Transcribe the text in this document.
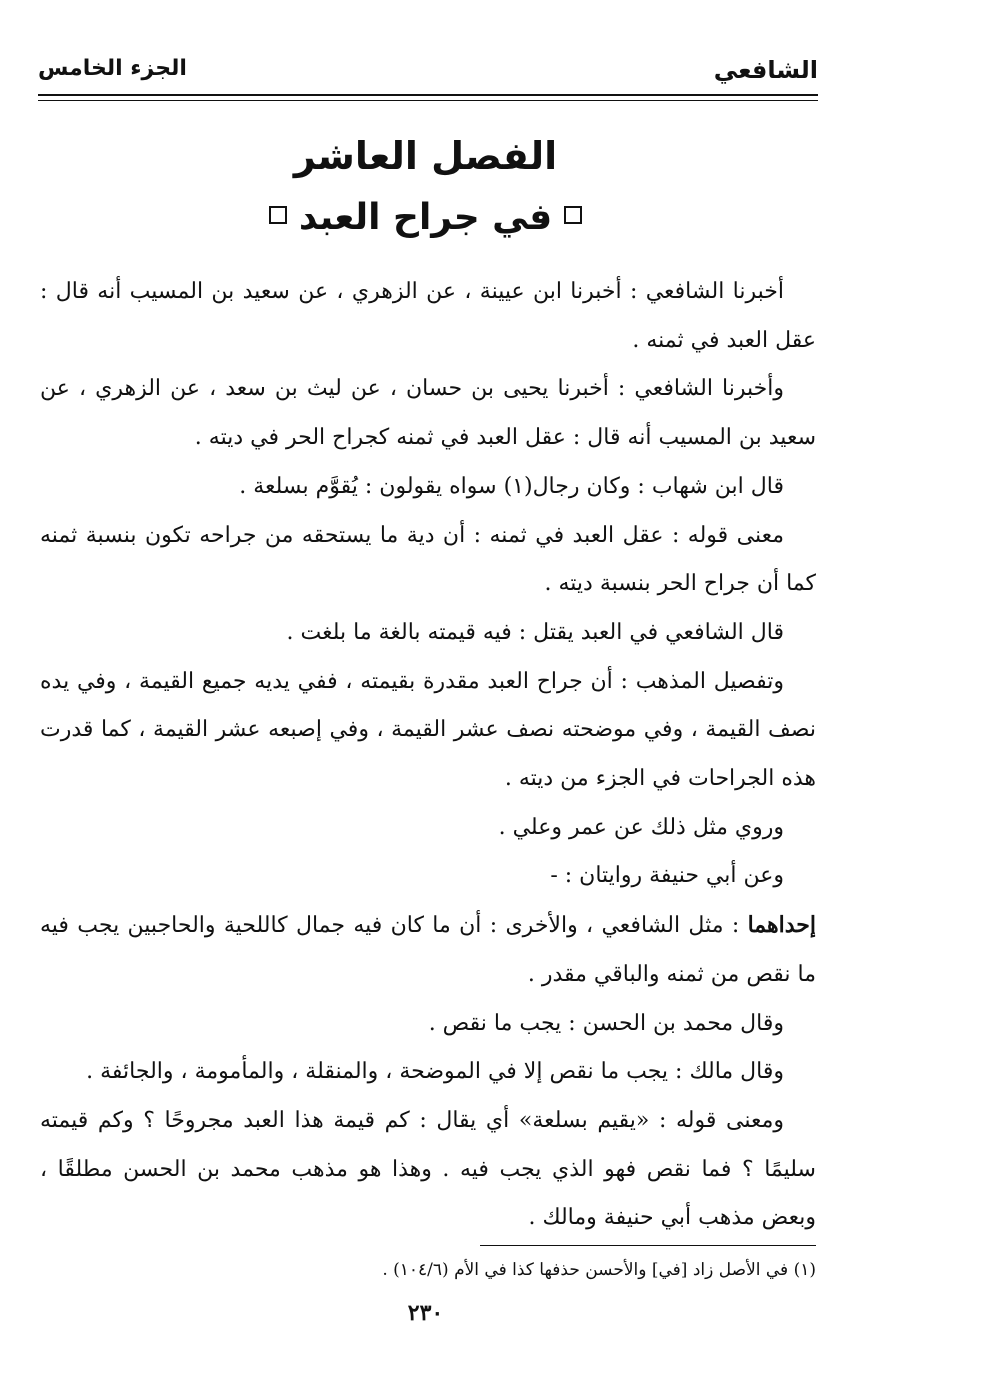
الشافعي
الجزء الخامس
الفصل العاشر
في جراح العبد

أخبرنا الشافعي : أخبرنا ابن عيينة ، عن الزهري ، عن سعيد بن المسيب أنه قال : عقل العبد في ثمنه .

وأخبرنا الشافعي : أخبرنا يحيى بن حسان ، عن ليث بن سعد ، عن الزهري ، عن سعيد بن المسيب أنه قال : عقل العبد في ثمنه كجراح الحر في ديته .

قال ابن شهاب : وكان رجال(١) سواه يقولون : يُقوَّم بسلعة .

معنى قوله : عقل العبد في ثمنه : أن دية ما يستحقه من جراحه تكون بنسبة ثمنه كما أن جراح الحر بنسبة ديته .

قال الشافعي في العبد يقتل : فيه قيمته بالغة ما بلغت .

وتفصيل المذهب : أن جراح العبد مقدرة بقيمته ، ففي يديه جميع القيمة ، وفي يده نصف القيمة ، وفي موضحته نصف عشر القيمة ، وفي إصبعه عشر القيمة ، كما قدرت هذه الجراحات في الجزء من ديته .

وروي مثل ذلك عن عمر وعلي .

وعن أبي حنيفة روايتان : -

إحداهما : مثل الشافعي ، والأخرى : أن ما كان فيه جمال كاللحية والحاجبين يجب فيه ما نقص من ثمنه والباقي مقدر .

وقال محمد بن الحسن : يجب ما نقص .

وقال مالك : يجب ما نقص إلا في الموضحة ، والمنقلة ، والمأمومة ، والجائفة .

ومعنى قوله : «يقيم بسلعة» أي يقال : كم قيمة هذا العبد مجروحًا ؟ وكم قيمته سليمًا ؟ فما نقص فهو الذي يجب فيه . وهذا هو مذهب محمد بن الحسن مطلقًا ، وبعض مذهب أبي حنيفة ومالك .

(١) في الأصل زاد [في] والأحسن حذفها كذا في الأم (١٠٤/٦) .
٢٣٠
